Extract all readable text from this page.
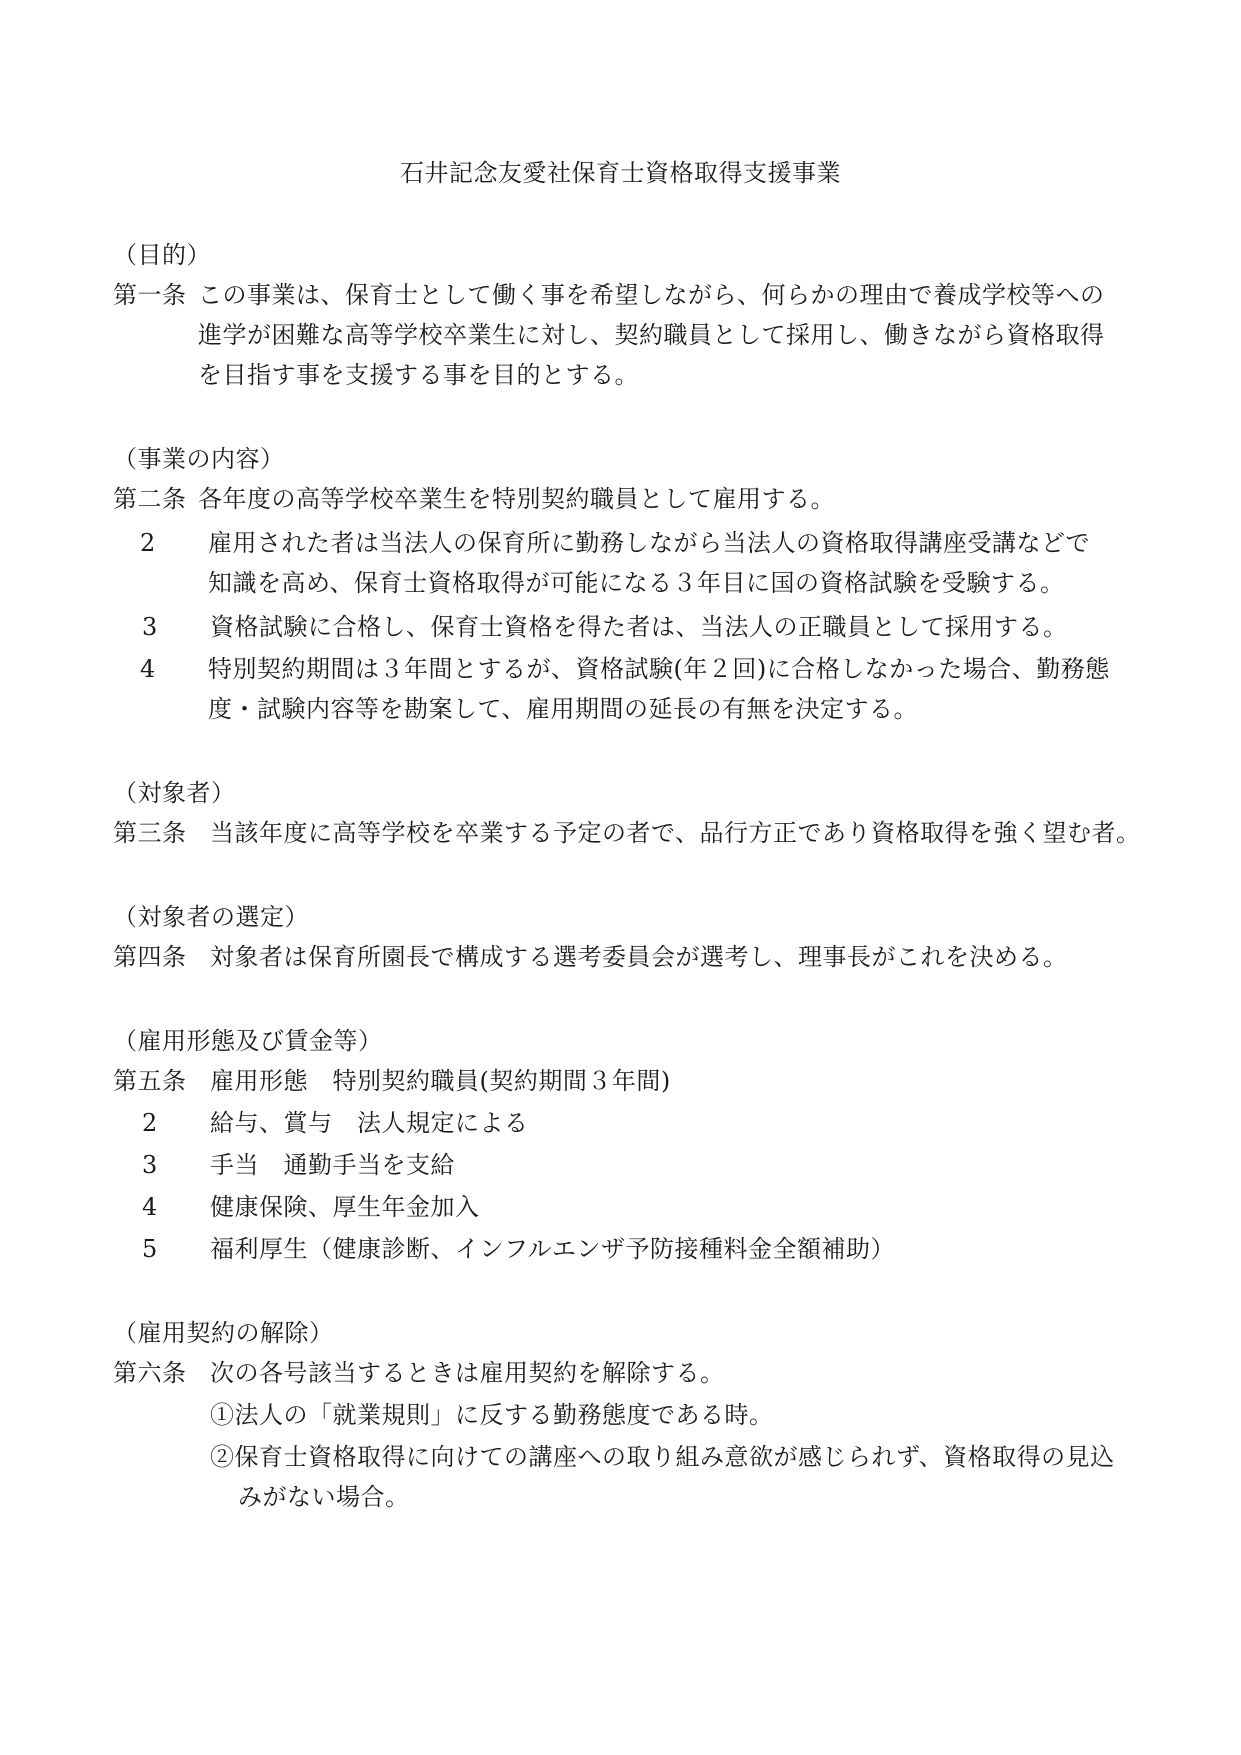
石井記念友愛社保育士資格取得支援事業
（目的）
第一条 この事業は、保育士として働く事を希望しながら、何らかの理由で養成学校等への
進学が困難な高等学校卒業生に対し、契約職員として採用し、働きながら資格取得
を目指す事を支援する事を目的とする。
（事業の内容）
第二条 各年度の高等学校卒業生を特別契約職員として雇用する。
2 雇用された者は当法人の保育所に勤務しながら当法人の資格取得講座受講などで
知識を高め、保育士資格取得が可能になる３年目に国の資格試験を受験する。
3 資格試験に合格し、保育士資格を得た者は、当法人の正職員として採用する。
4 特別契約期間は３年間とするが、資格試験(年２回)に合格しなかった場合、勤務態
度・試験内容等を勘案して、雇用期間の延長の有無を決定する。
（対象者）
第三条 当該年度に高等学校を卒業する予定の者で、品行方正であり資格取得を強く望む者。
（対象者の選定）
第四条 対象者は保育所園長で構成する選考委員会が選考し、理事長がこれを決める。
（雇用形態及び賃金等）
第五条 雇用形態　特別契約職員(契約期間３年間)
2 給与、賞与　法人規定による
3 手当　通勤手当を支給
4 健康保険、厚生年金加入
5 福利厚生（健康診断、インフルエンザ予防接種料金全額補助）
（雇用契約の解除）
第六条 次の各号該当するときは雇用契約を解除する。
①法人の「就業規則」に反する勤務態度である時。
②保育士資格取得に向けての講座への取り組み意欲が感じられず、資格取得の見込
みがない場合。
